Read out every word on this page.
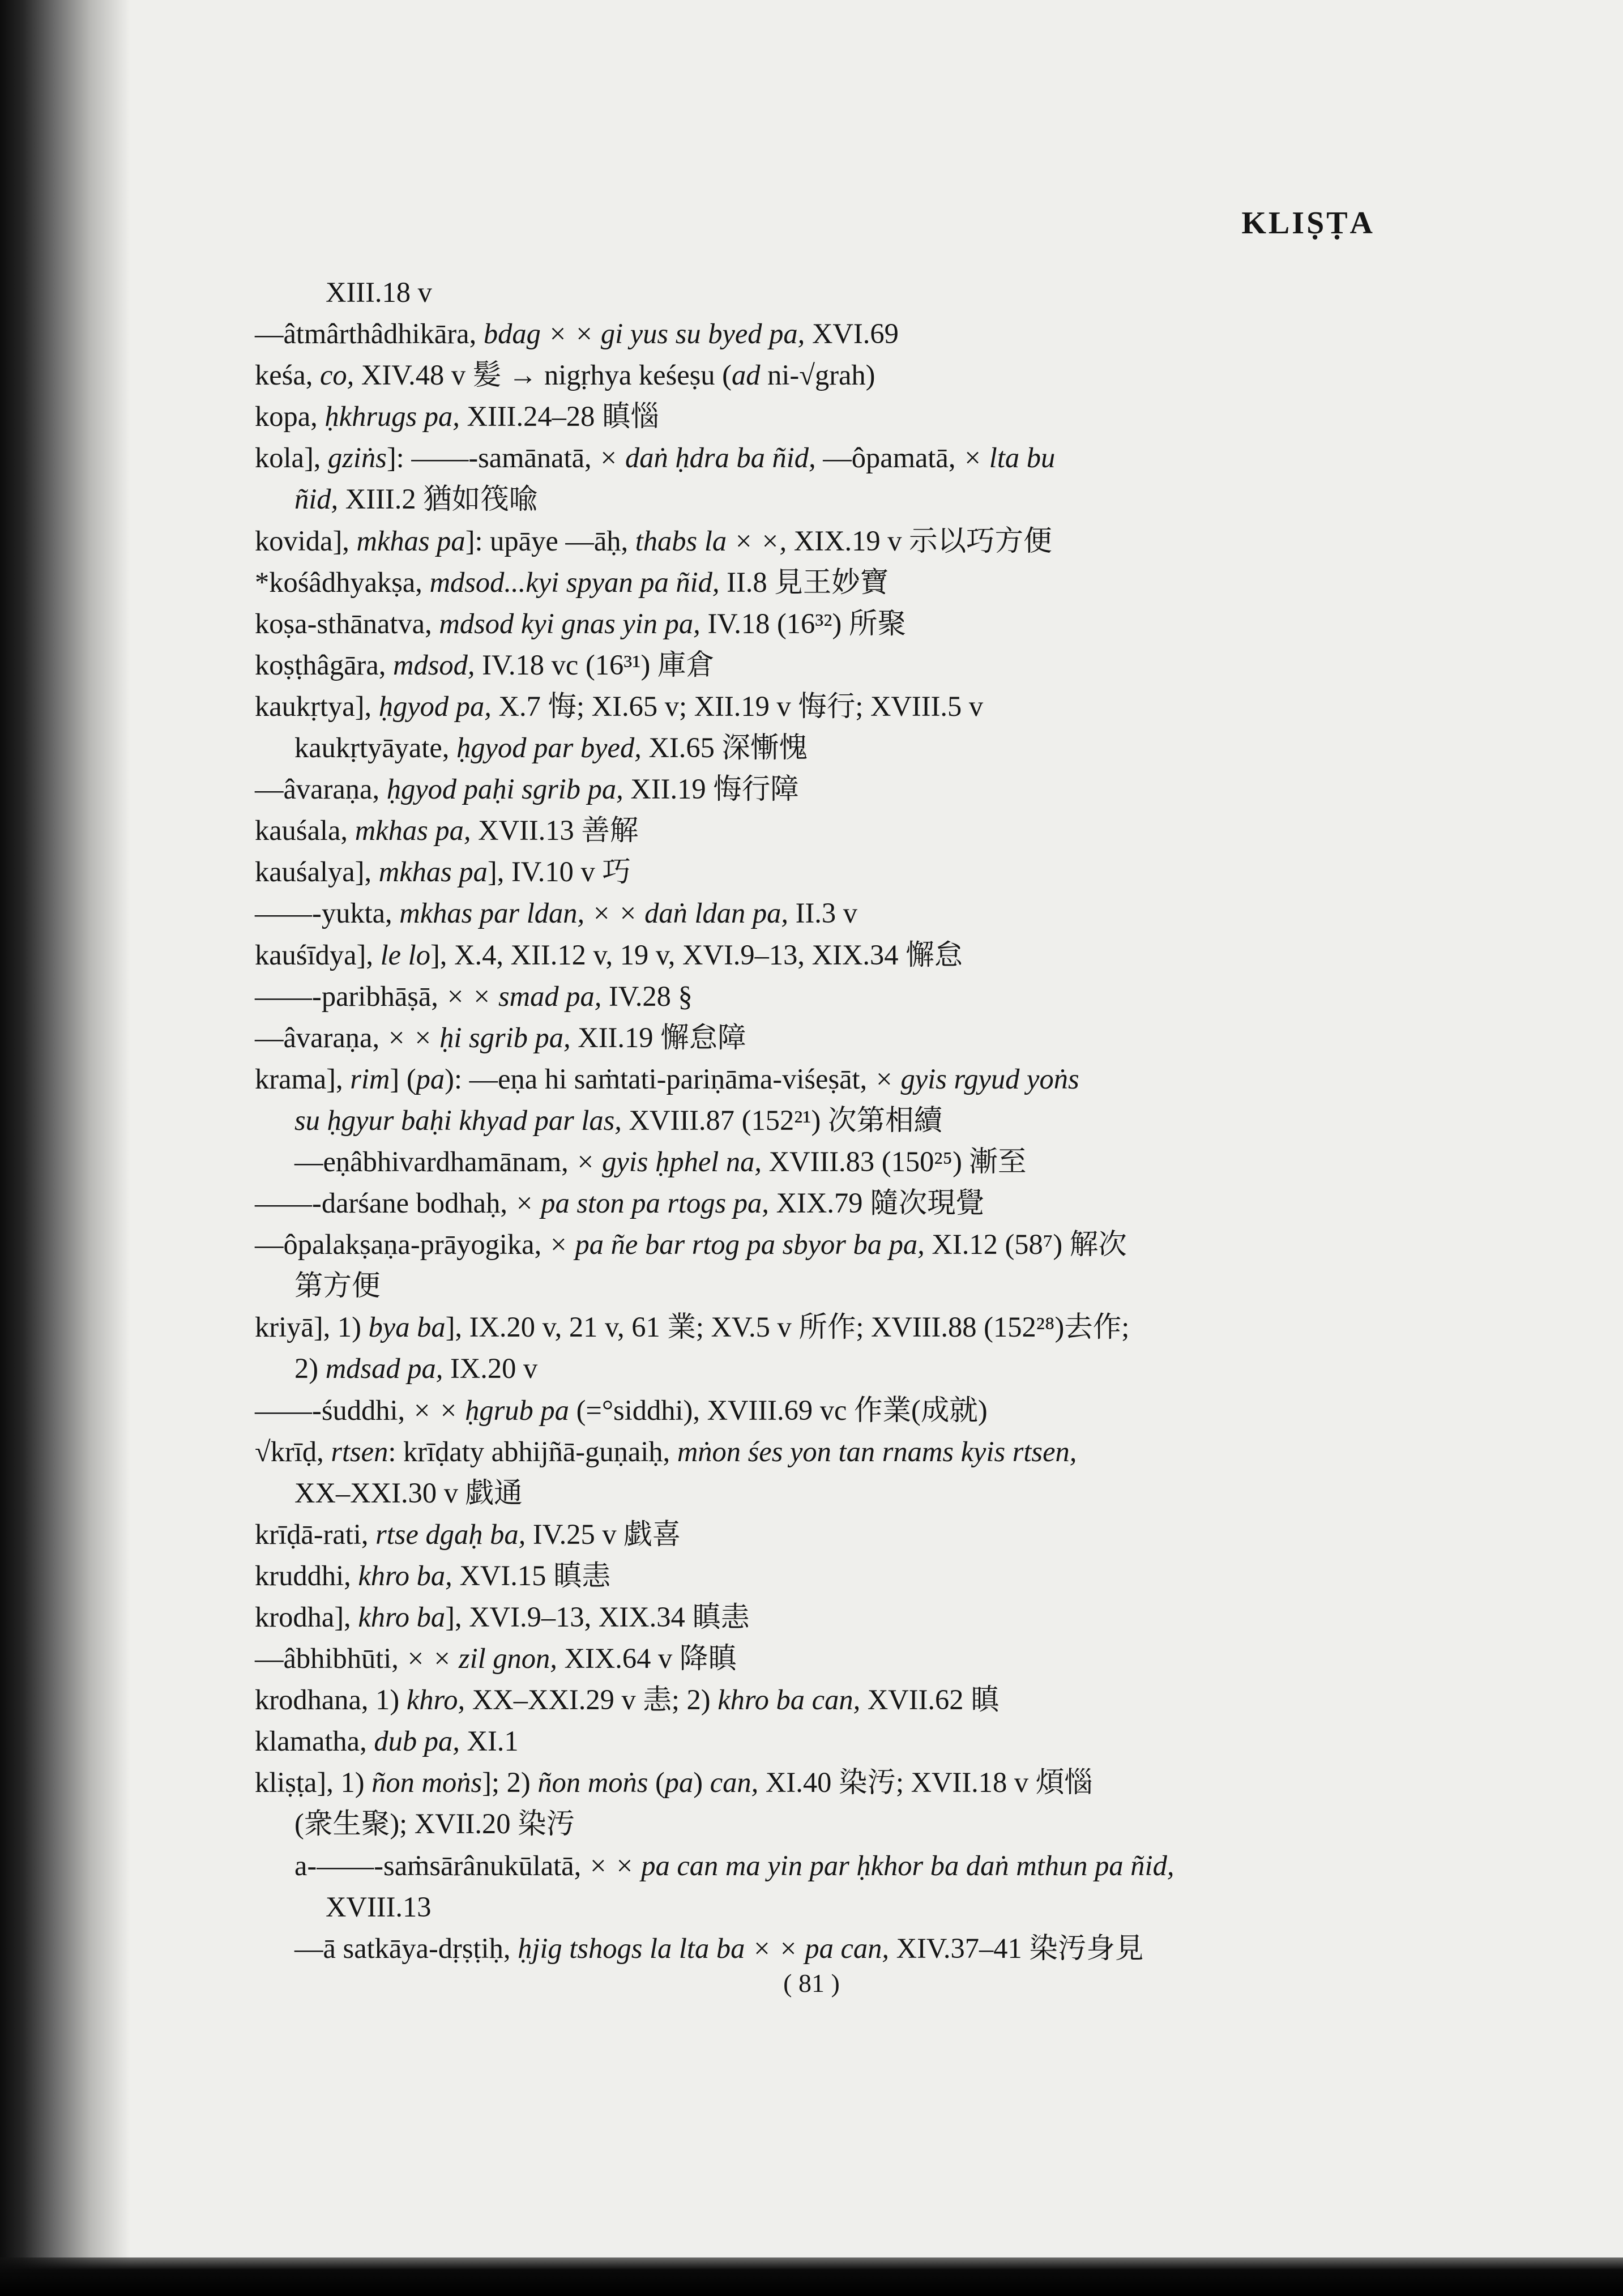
KLIṢṬA
XIII.18 v
—âtmârthâdhikāra, bdag × × gi yus su byed pa, XVI.69
keśa, co, XIV.48 v 髪 → nigṛhya keśeṣu (ad ni-√grah)
kopa, ḥkhrugs pa, XIII.24–28 瞋惱
kola], gziṅs]: ——-samānatā, × daṅ ḥdra ba ñid, —ôpamatā, × lta bu
ñid, XIII.2 猶如筏喩
kovida], mkhas pa]: upāye —āḥ, thabs la × ×, XIX.19 v 示以巧方便
*kośâdhyakṣa, mdsod...kyi spyan pa ñid, II.8 見王妙寶
koṣa-sthānatva, mdsod kyi gnas yin pa, IV.18 (16³²) 所聚
koṣṭhâgāra, mdsod, IV.18 vc (16³¹) 庫倉
kaukṛtya], ḥgyod pa, X.7 悔; XI.65 v; XII.19 v 悔行; XVIII.5 v
kaukṛtyāyate, ḥgyod par byed, XI.65 深慚愧
—âvaraṇa, ḥgyod paḥi sgrib pa, XII.19 悔行障
kauśala, mkhas pa, XVII.13 善解
kauśalya], mkhas pa], IV.10 v 巧
——-yukta, mkhas par ldan, × × daṅ ldan pa, II.3 v
kauśīdya], le lo], X.4, XII.12 v, 19 v, XVI.9–13, XIX.34 懈怠
——-paribhāṣā, × × smad pa, IV.28 §
—âvaraṇa, × × ḥi sgrib pa, XII.19 懈怠障
krama], rim] (pa): —eṇa hi saṁtati-pariṇāma-viśeṣāt, × gyis rgyud yoṅs
su ḥgyur baḥi khyad par las, XVIII.87 (152²¹) 次第相續
—eṇâbhivardhamānam, × gyis ḥphel na, XVIII.83 (150²⁵) 漸至
——-darśane bodhaḥ, × pa ston pa rtogs pa, XIX.79 隨次現覺
—ôpalakṣaṇa-prāyogika, × pa ñe bar rtog pa sbyor ba pa, XI.12 (58⁷) 解次
第方便
kriyā], 1) bya ba], IX.20 v, 21 v, 61 業; XV.5 v 所作; XVIII.88 (152²⁸)去作;
2) mdsad pa, IX.20 v
——-śuddhi, × × ḥgrub pa (=°siddhi), XVIII.69 vc 作業(成就)
√krīḍ, rtsen: krīḍaty abhijñā-guṇaiḥ, mṅon śes yon tan rnams kyis rtsen,
XX–XXI.30 v 戯通
krīḍā-rati, rtse dgaḥ ba, IV.25 v 戯喜
kruddhi, khro ba, XVI.15 瞋恚
krodha], khro ba], XVI.9–13, XIX.34 瞋恚
—âbhibhūti, × × zil gnon, XIX.64 v 降瞋
krodhana, 1) khro, XX–XXI.29 v 恚; 2) khro ba can, XVII.62 瞋
klamatha, dub pa, XI.1
kliṣṭa], 1) ñon moṅs]; 2) ñon moṅs (pa) can, XI.40 染汚; XVII.18 v 煩惱
(衆生聚); XVII.20 染汚
a-——-saṁsārânukūlatā, × × pa can ma yin par ḥkhor ba daṅ mthun pa ñid,
XVIII.13
—ā satkāya-dṛṣṭiḥ, ḥjig tshogs la lta ba × × pa can, XIV.37–41 染汚身見
( 81 )
